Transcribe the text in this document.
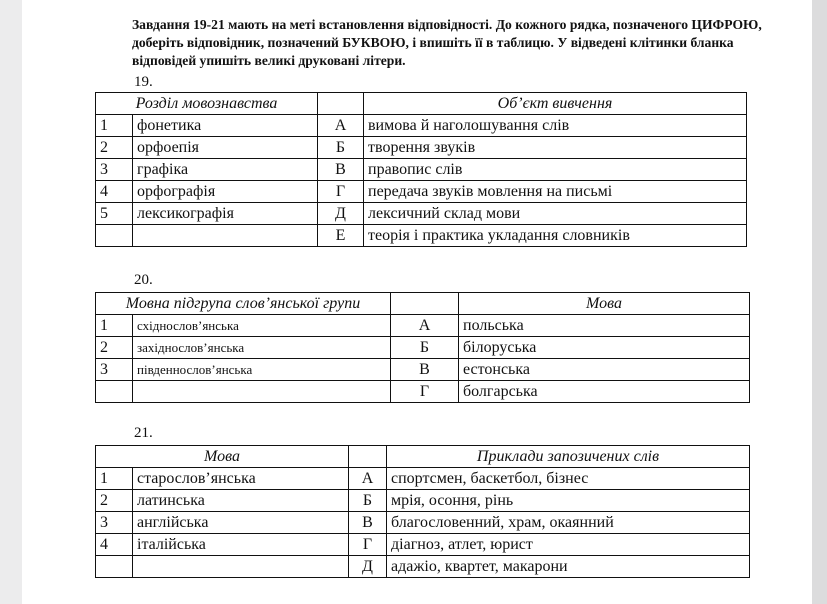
Завдання 19-21 мають на меті встановлення відповідності. До кожного рядка, позначеного ЦИФРОЮ, доберіть відповідник, позначений БУКВОЮ, і впишіть її в таблицю. У відведені клітинки бланка відповідей упишіть великі друковані літери.

19.
Розділ мовознавства			Об’єкт вивчення
1	фонетика	А	вимова й наголошування слів
2	орфоепія	Б	творення звуків
3	графіка	В	правопис слів
4	орфографія	Г	передача звуків мовлення на письмі
5	лексикографія	Д	лексичний склад мови
		Е	теорія і практика укладання словників
20.
Мовна підгрупа слов’янської групи			Мова
1	східнослов’янська	А	польська
2	західнослов’янська	Б	білоруська
3	південнослов’янська	В	естонська
		Г	болгарська
21.
Мова			Приклади запозичених слів
1	старослов’янська	А	спортсмен, баскетбол, бізнес
2	латинська	Б	мрія, осоння, рінь
3	англійська	В	благословенний, храм, окаянний
4	італійська	Г	діагноз, атлет, юрист
		Д	адажіо, квартет, макарони
